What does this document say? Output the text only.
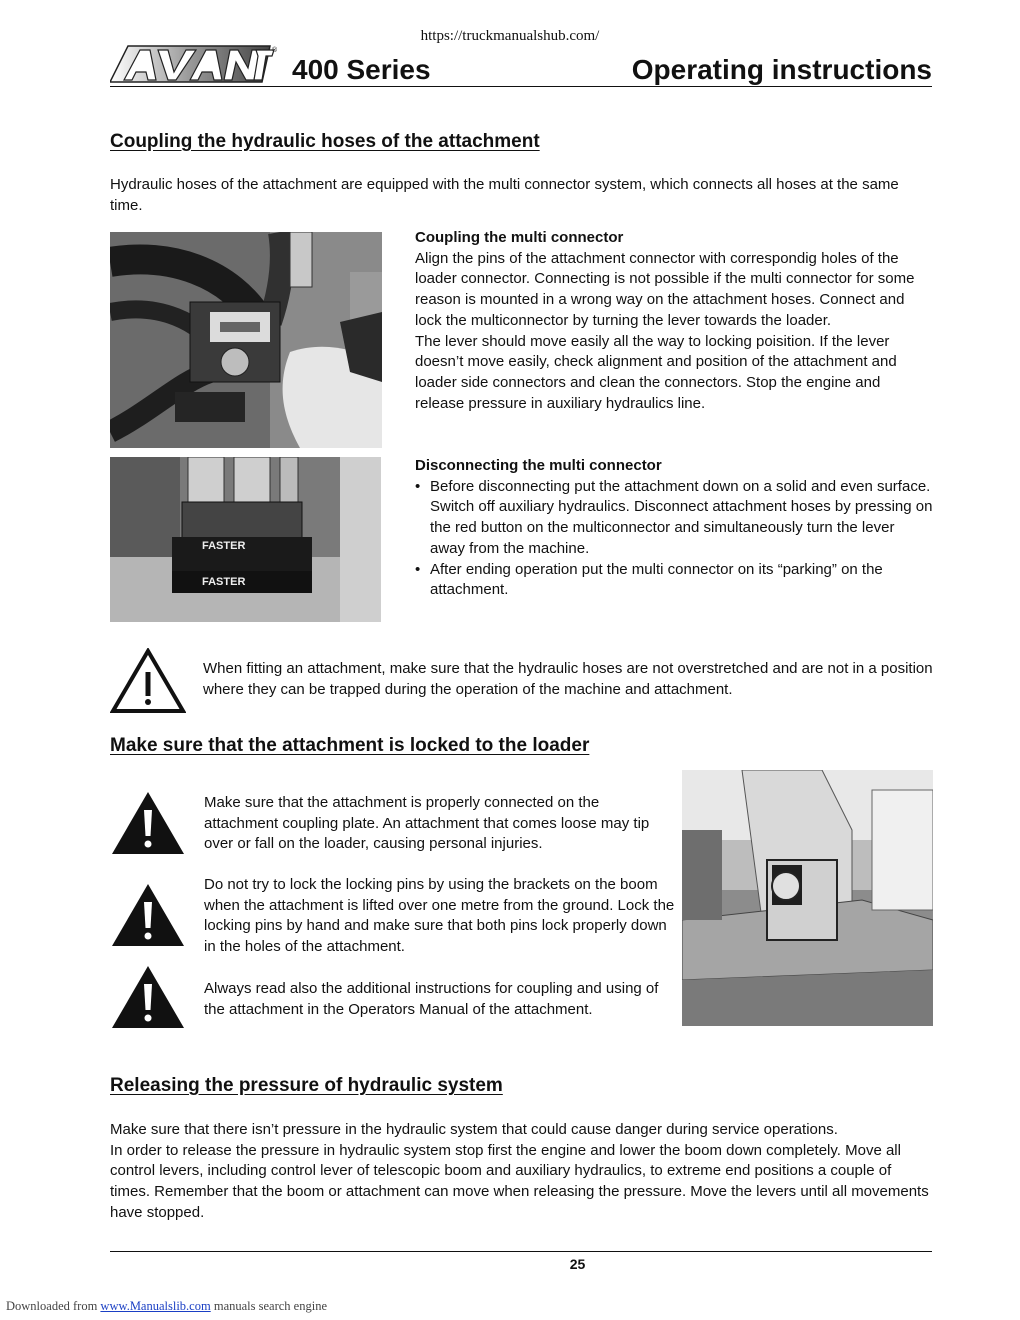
https://truckmanualshub.com/
®
400 Series	Operating instructions
Coupling the hydraulic hoses of the attachment

Hydraulic hoses of the attachment are equipped with the multi connector system, which connects all hoses at the same time.

Coupling the multi connector

Align the pins of the attachment connector with correspondig holes of the loader connector. Connecting is not possible if the multi connector for some reason is mounted in a wrong way on the attachment hoses. Connect and lock the multiconnector by turning the lever towards the loader.

The lever should move easily all the way to locking poisition. If the lever doesn’t move easily, check alignment and position of the attachment and loader side connectors and clean the connectors. Stop the engine and release pressure in auxiliary hydraulics line.

FASTER
FASTER

Disconnecting the multi connector

• Before disconnecting put the attachment down on a solid and even surface. Switch off auxiliary hydraulics. Disconnect attachment hoses by pressing on the red button on the multiconnector and simultaneously turn the lever away from the machine.
• After ending operation put the multi connector on its “parking” on the attachment.

When fitting an attachment, make sure that the hydraulic hoses are not overstretched and are not in a position where they can be trapped during the operation of the machine and attachment.

Make sure that the attachment is locked to the loader

Make sure that the attachment is properly connected on the attachment coupling plate. An attachment that comes loose may tip over or fall on the loader, causing personal injuries.

Do not try to lock the locking pins by using the brackets on the boom when the attachment is lifted over one metre from the ground. Lock the locking pins by hand and make sure that both pins lock properly down in the holes of the attachment.

Always read also the additional instructions for coupling and using of the attachment in the Operators Manual of the attachment.

Releasing the pressure of hydraulic system

Make sure that there isn’t pressure in the hydraulic system that could cause danger during service operations.

In order to release the pressure in hydraulic system stop first the engine and lower the boom down completely. Move all control levers, including control lever of telescopic boom and auxiliary hydraulics, to extreme end positions a couple of times. Remember that the boom or attachment can move when releasing the pressure. Move the levers until all movements have stopped.

25
Downloaded from www.Manualslib.com manuals search engine
